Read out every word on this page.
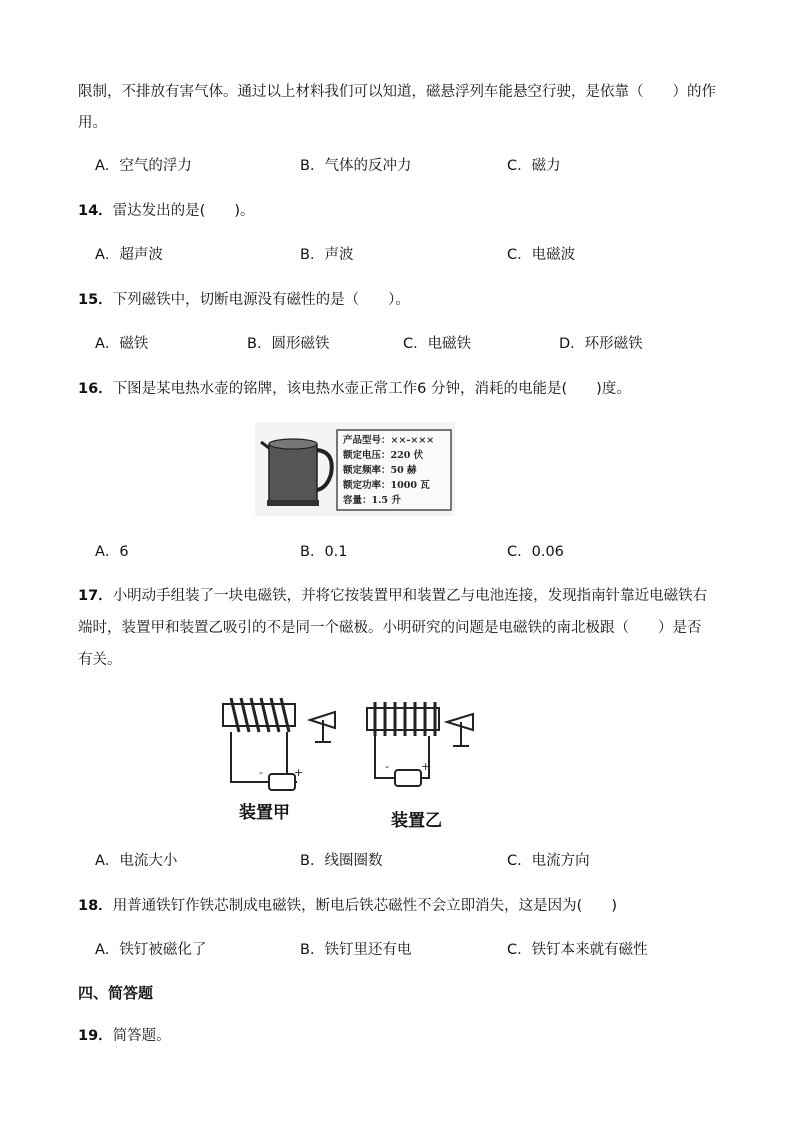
限制，不排放有害气体。通过以上材料我们可以知道，磁悬浮列车能悬空行驶，是依靠（　　）的作
用。
A．空气的浮力	B．气体的反冲力	C．磁力
14．雷达发出的是(　　)。
A．超声波	B．声波	C．电磁波
15．下列磁铁中，切断电源没有磁性的是（　　）。
A．磁铁	B．圆形磁铁	C．电磁铁	D．环形磁铁
16．下图是某电热水壶的铭牌，该电热水壶正常工作6 分钟，消耗的电能是(　　)度。
产品型号：××-×××
额定电压：220 伏
额定频率：50 赫
额定功率：1000 瓦
容量：1.5 升
A．6	B．0.1	C．0.06
17．小明动手组装了一块电磁铁，并将它按装置甲和装置乙与电池连接，发现指南针靠近电磁铁右
端时，装置甲和装置乙吸引的不是同一个磁极。小明研究的问题是电磁铁的南北极跟（　　）是否
有关。
-	+	-	+
装置甲	装置乙
A．电流大小	B．线圈圈数	C．电流方向
18．用普通铁钉作铁芯制成电磁铁，断电后铁芯磁性不会立即消失，这是因为(　　)
A．铁钉被磁化了	B．铁钉里还有电	C．铁钉本来就有磁性
四、简答题
19．简答题。
